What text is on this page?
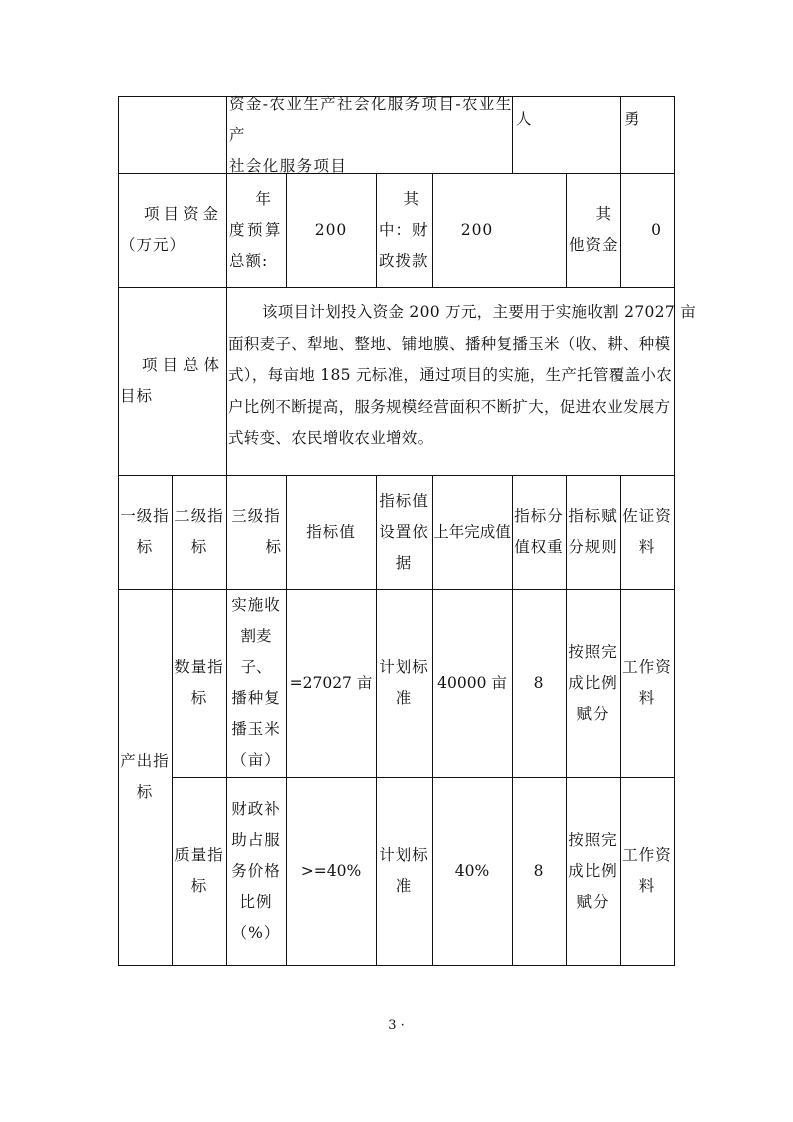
资金-农业生产社会化服务项目-农业生产
社会化服务项目
人	勇
项目资金
（万元）
年
度预算
总额:
200
其
中：财
政拨款
200
其
他资金
0
项目总体
目标
该项目计划投入资金 200 万元，主要用于实施收割 27027 亩
面积麦子、犁地、整地、铺地膜、播种复播玉米（收、耕、种模
式），每亩地 185 元标准，通过项目的实施，生产托管覆盖小农
户比例不断提高，服务规模经营面积不断扩大，促进农业发展方
式转变、农民增收农业增效。
一级指
标
二级指
标
三级指
标
指标值
指标值
设置依
据
上年完成值
指标分
值权重
指标赋
分规则
佐证资
料
产出指
标
数量指
标
实施收
割麦子、
播种复
播玉米
（亩）
=27027 亩
计划标
准
40000 亩 8
按照完
成比例
赋分
工作资
料
质量指
标
财政补
助占服
务价格
比例
（%）
>=40%
计划标
准
40%	8
按照完
成比例
赋分
工作资
料
3 ·
